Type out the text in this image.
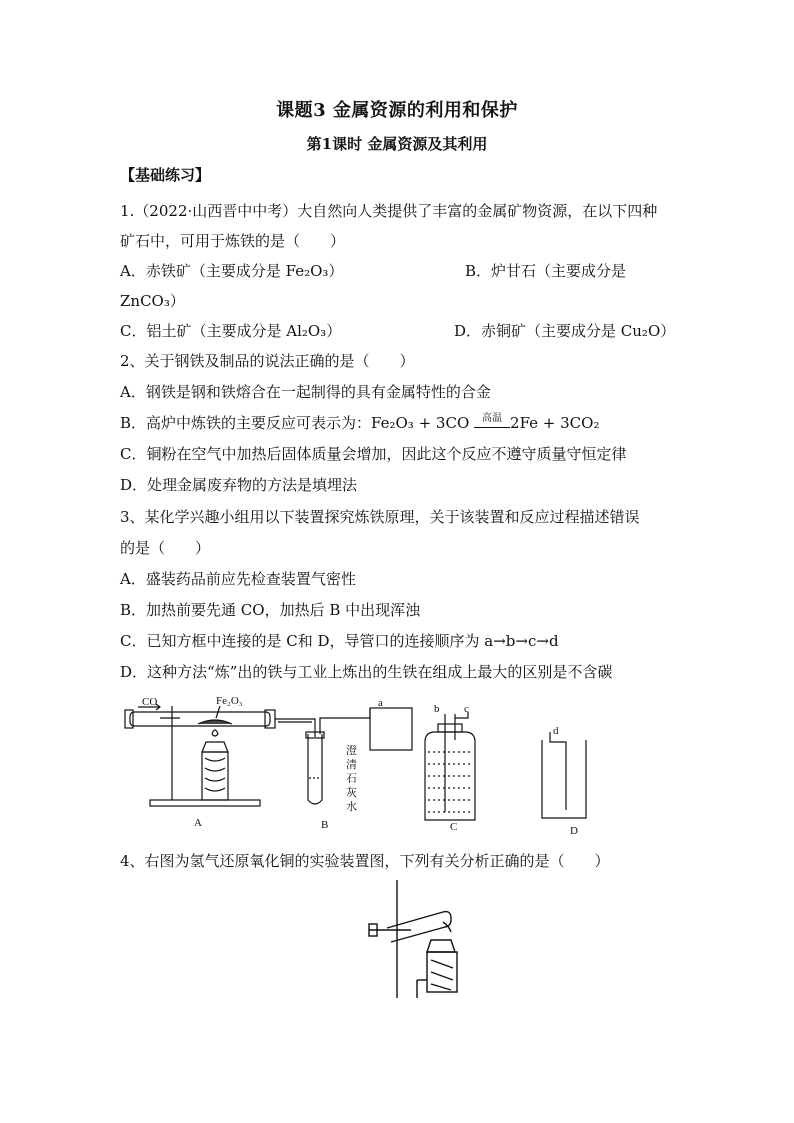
课题3 金属资源的利用和保护
第1课时 金属资源及其利用
【基础练习】
1.（2022·山西晋中中考）大自然向人类提供了丰富的金属矿物资源，在以下四种
矿石中，可用于炼铁的是（　　）
A．赤铁矿（主要成分是 Fe₂O₃）	B．炉甘石（主要成分是
ZnCO₃）
C．铝土矿（主要成分是 Al₂O₃）	D．赤铜矿（主要成分是 Cu₂O）
2、关于钢铁及制品的说法正确的是（　　）
A．钢铁是钢和铁熔合在一起制得的具有金属特性的合金
B．高炉中炼铁的主要反应可表示为：Fe₂O₃ + 3CO	高温 2Fe + 3CO₂
C．铜粉在空气中加热后固体质量会增加，因此这个反应不遵守质量守恒定律
D．处理金属废弃物的方法是填埋法
3、某化学兴趣小组用以下装置探究炼铁原理，关于该装置和反应过程描述错误
的是（　　）
A．盛装药品前应先检查装置气密性
B．加热前要先通 CO，加热后 B 中出现浑浊
C．已知方框中连接的是 C和 D，导管口的连接顺序为 a→b→c→d
D．这种方法“炼”出的铁与工业上炼出的生铁在组成上最大的区别是不含碳
CO	Fe₂O₃	a	b c
d
澄
清
石
灰
水
A	B	C	D
4、右图为氢气还原氧化铜的实验装置图，下列有关分析正确的是（　　）
